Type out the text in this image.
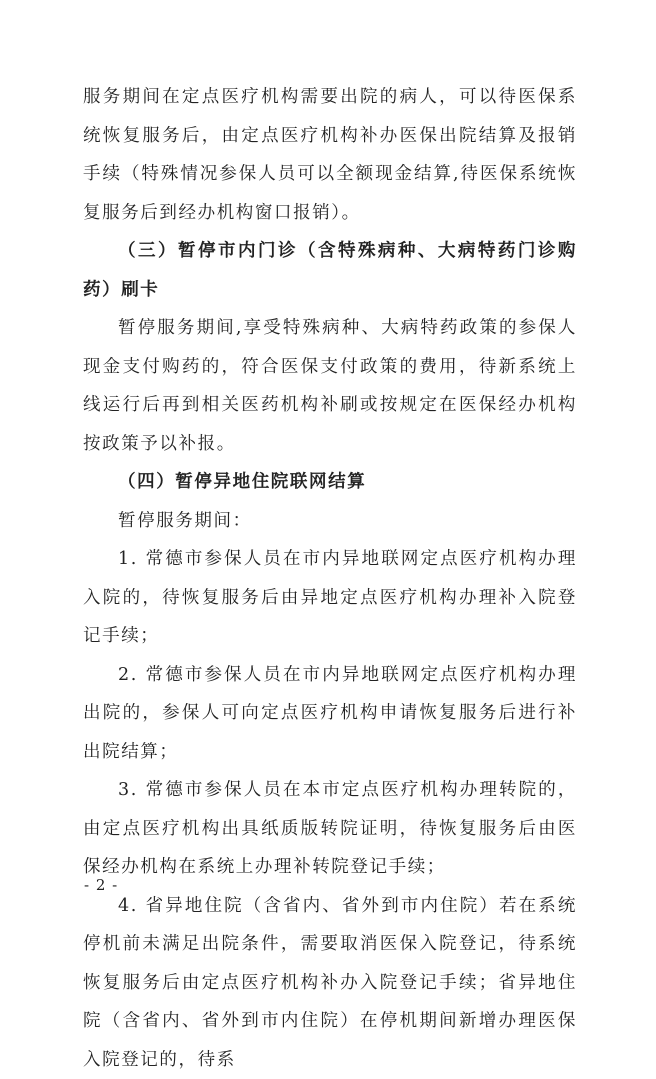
服务期间在定点医疗机构需要出院的病人，可以待医保系统恢复服务后，由定点医疗机构补办医保出院结算及报销手续（特殊情况参保人员可以全额现金结算,待医保系统恢复服务后到经办机构窗口报销）。

（三）暂停市内门诊（含特殊病种、大病特药门诊购药）刷卡

暂停服务期间,享受特殊病种、大病特药政策的参保人现金支付购药的，符合医保支付政策的费用，待新系统上线运行后再到相关医药机构补刷或按规定在医保经办机构按政策予以补报。

（四）暂停异地住院联网结算

暂停服务期间：

1. 常德市参保人员在市内异地联网定点医疗机构办理入院的，待恢复服务后由异地定点医疗机构办理补入院登记手续；

2. 常德市参保人员在市内异地联网定点医疗机构办理出院的，参保人可向定点医疗机构申请恢复服务后进行补出院结算；

3. 常德市参保人员在本市定点医疗机构办理转院的，由定点医疗机构出具纸质版转院证明，待恢复服务后由医保经办机构在系统上办理补转院登记手续；

4. 省异地住院（含省内、省外到市内住院）若在系统停机前未满足出院条件，需要取消医保入院登记，待系统恢复服务后由定点医疗机构补办入院登记手续；省异地住院（含省内、省外到市内住院）在停机期间新增办理医保入院登记的，待系

- 2 -
